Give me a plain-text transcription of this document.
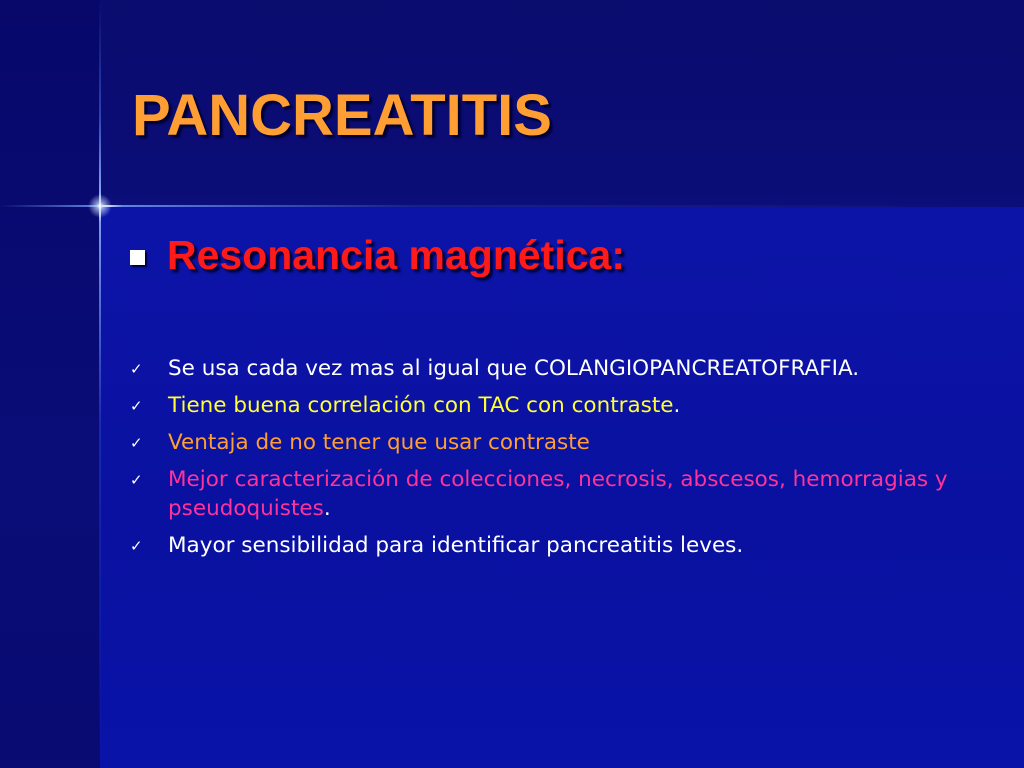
PANCREATITIS
Resonancia magnética:
✓	Se usa cada vez mas al igual que COLANGIOPANCREATOFRAFIA.
✓	Tiene buena correlación con TAC con contraste.
✓	Ventaja de no tener que usar contraste
✓	Mejor caracterización de colecciones, necrosis, abscesos, hemorragias y pseudoquistes.
✓	Mayor sensibilidad para identificar pancreatitis leves.
